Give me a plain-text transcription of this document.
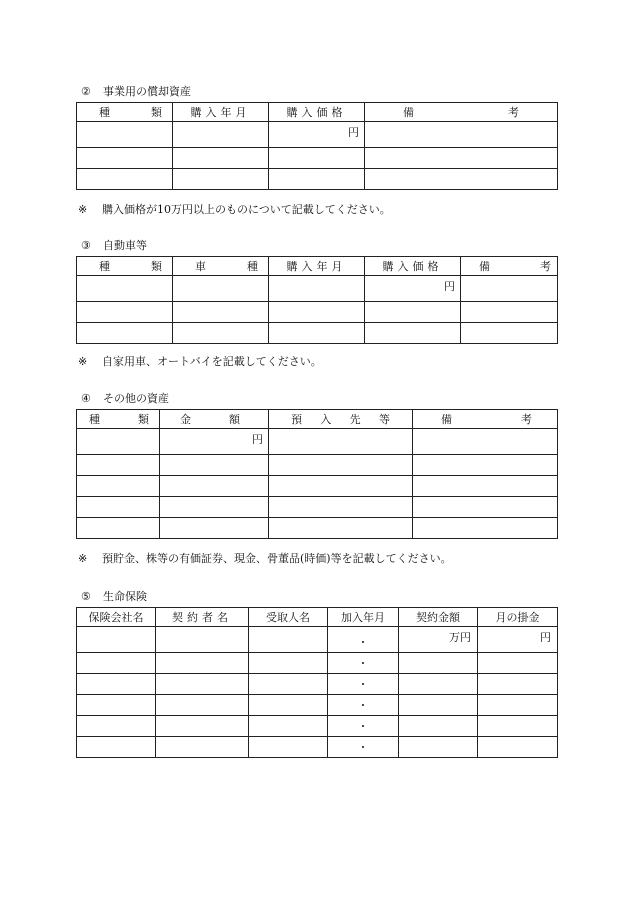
② 事業用の償却資産
種 類	購入年月	購入価格	備 考

		円	

※ 購入価格が10万円以上のものについて記載してください。
③ 自動車等
種 類	車 種	購入年月	購入価格	備 考

			円	

※ 自家用車、オートバイを記載してください。
④ その他の資産
種 類	金 額	預 入 先 等	備 考

	円		

※ 預貯金、株等の有価証券、現金、骨董品(時価)等を記載してください。
⑤ 生命保険
保険会社名	契約者名	受取人名	加入年月	契約金額	月の掛金
			・	万円	円
			・		
			・		
			・		
			・		
			・		
